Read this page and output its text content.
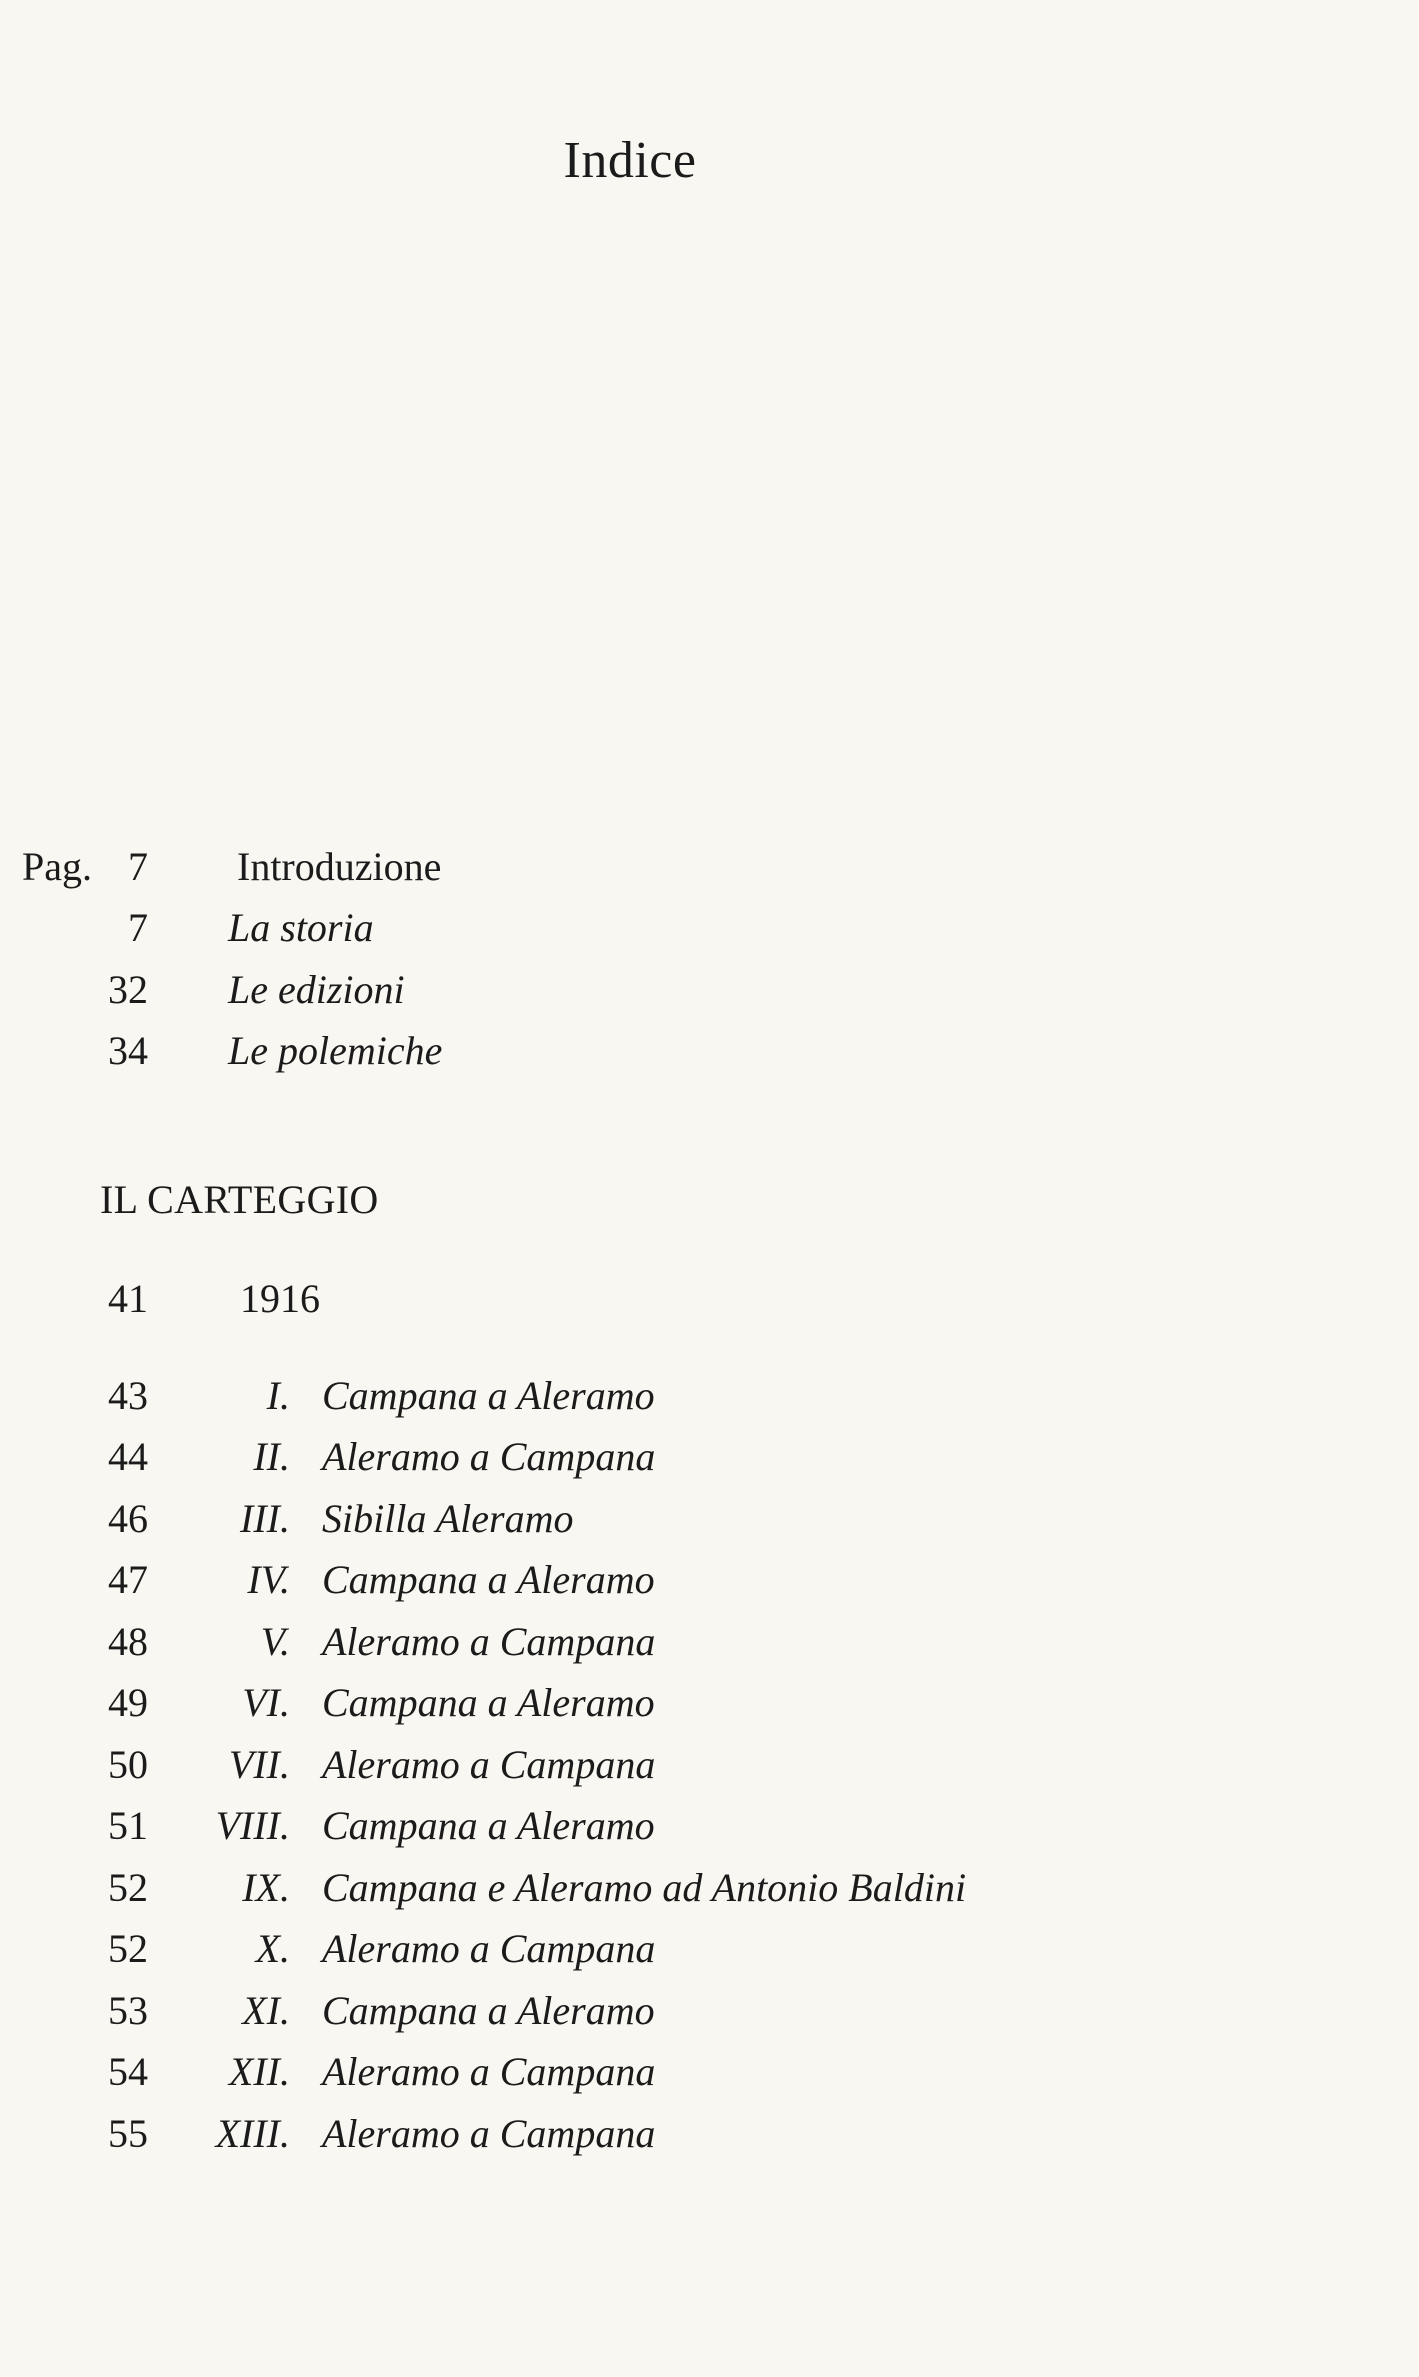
Indice
Pag. 7 Introduzione
7 La storia
32 Le edizioni
34 Le polemiche
IL CARTEGGIO
41 1916
43	I. Campana a Aleramo
44	II. Aleramo a Campana
46	III. Sibilla Aleramo
47	IV. Campana a Aleramo
48	V. Aleramo a Campana
49	VI. Campana a Aleramo
50	VII. Aleramo a Campana
51	VIII. Campana a Aleramo
52	IX. Campana e Aleramo ad Antonio Baldini
52	X. Aleramo a Campana
53	XI. Campana a Aleramo
54	XII. Aleramo a Campana
55	XIII. Aleramo a Campana
